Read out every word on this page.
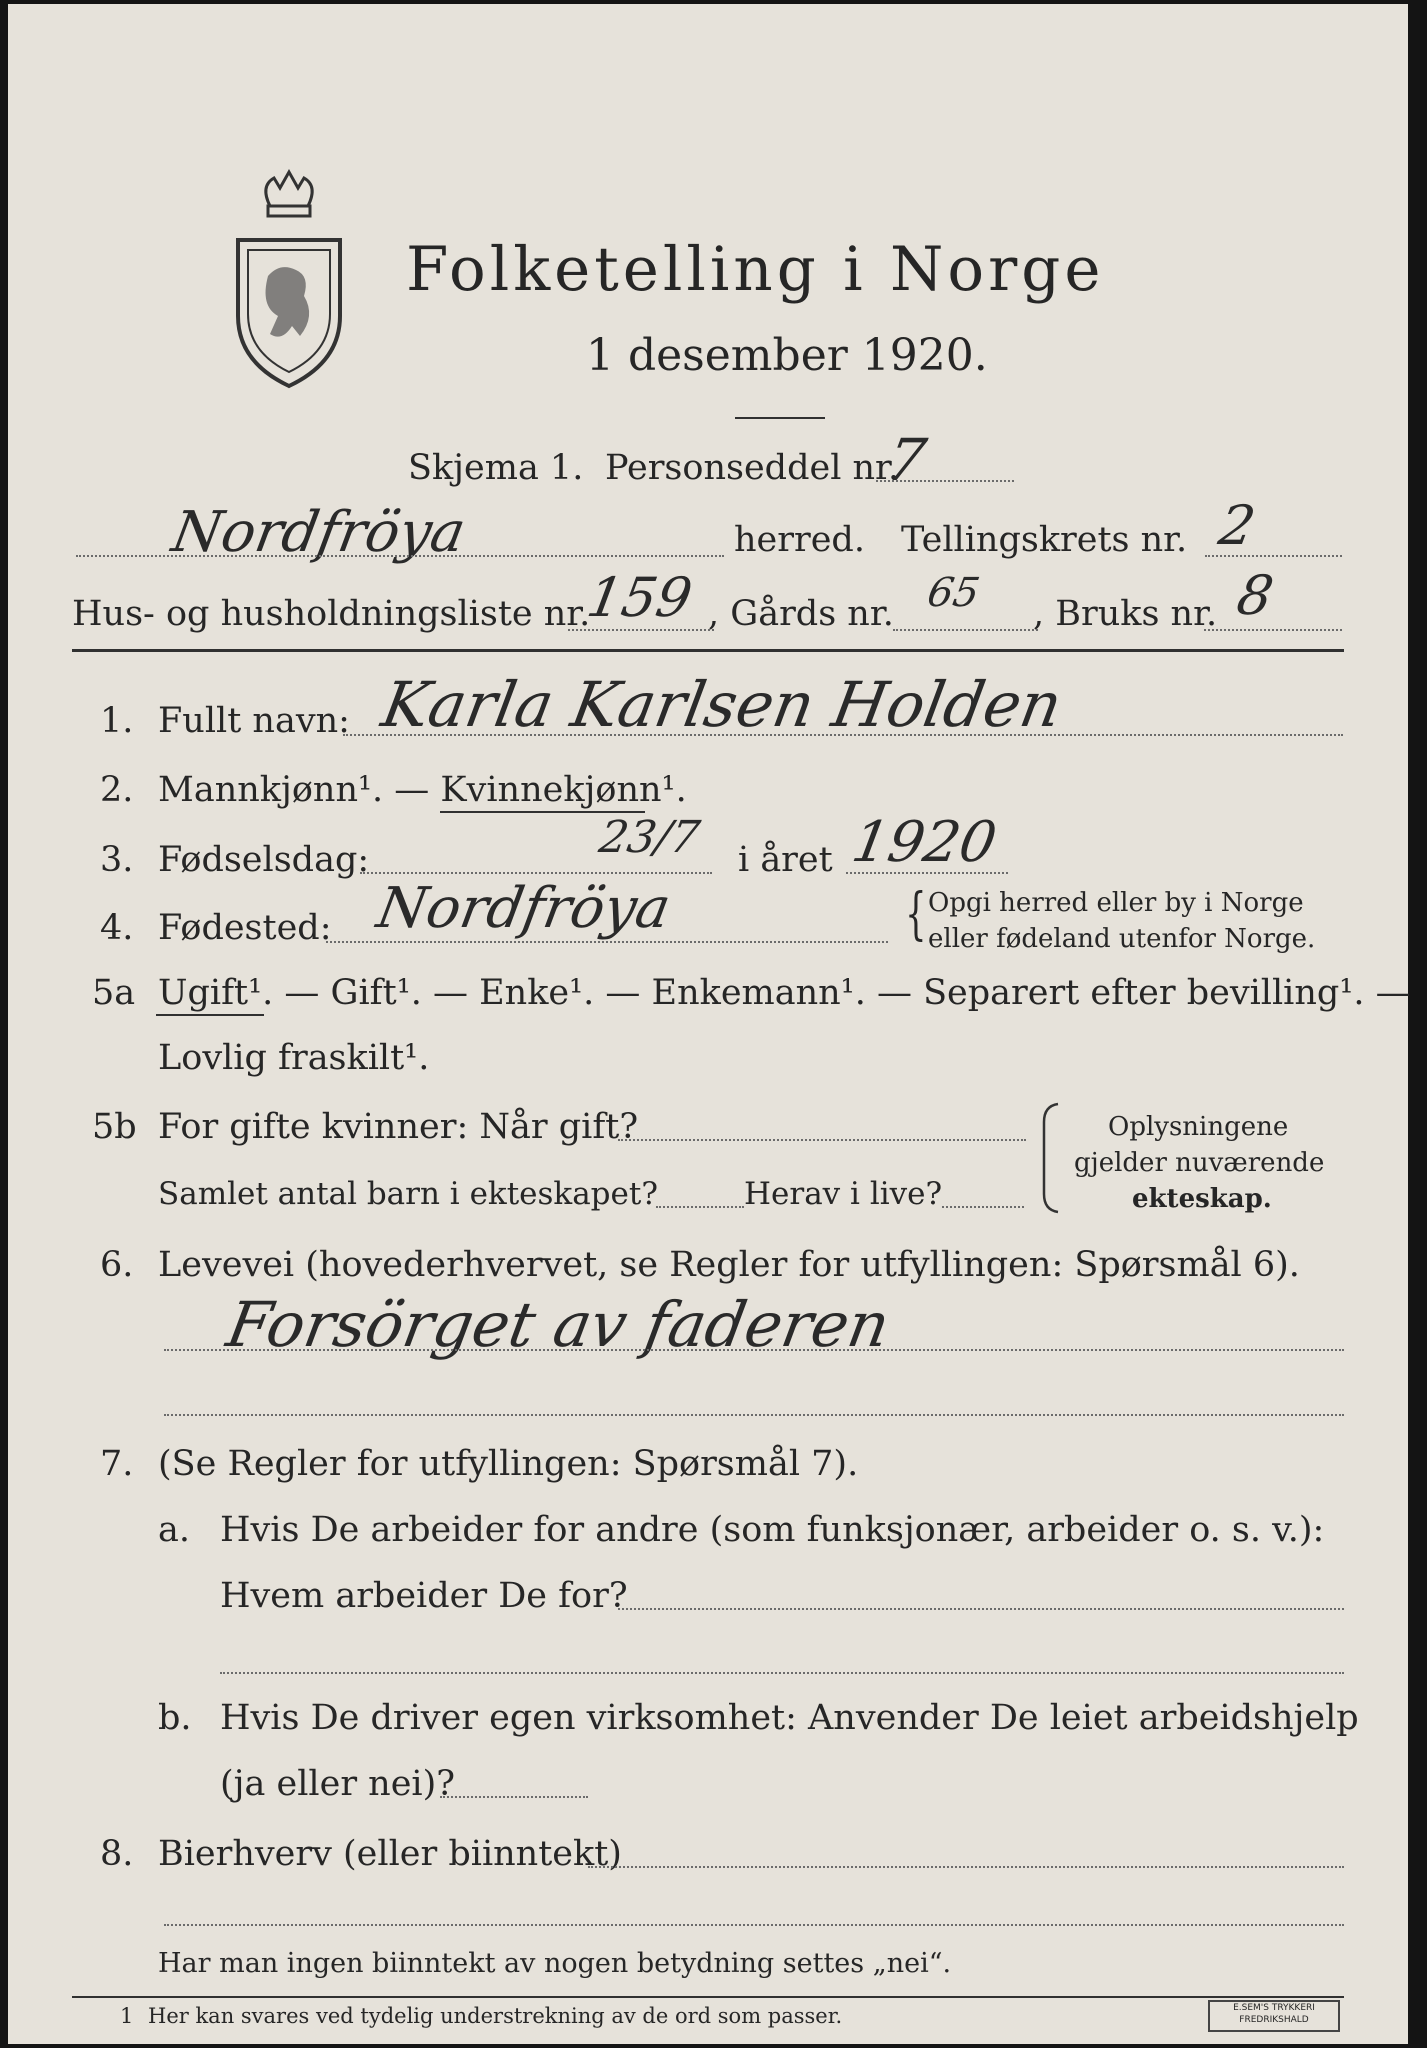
Folketelling i Norge
1 desember 1920.
Skjema 1. Personseddel nr.
7
Nordfröya	herred. Tellingskrets nr. 2
Hus- og husholdningsliste nr.
159 , Gårds nr. 65 , Bruks nr. 8
1. Fullt navn: Karla Karlsen Holden
2. Mannkjønn¹. — Kvinnekjønn¹.
3. Fødselsdag:	23/7 i året 1920
4. Fødested: Nordfröya	{ Opgi herred eller by i Norge
eller fødeland utenfor Norge.
5a Ugift¹. — Gift¹. — Enke¹. — Enkemann¹. — Separert efter bevilling¹. —
Lovlig fraskilt¹.
5b For gifte kvinner: Når gift?
Samlet antal barn i ekteskapet?	Herav i live?
Oplysningene
gjelder nuværende
ekteskap.
6. Levevei (hovederhvervet, se Regler for utfyllingen: Spørsmål 6).
Forsörget av faderen
7. (Se Regler for utfyllingen: Spørsmål 7).
a. Hvis De arbeider for andre (som funksjonær, arbeider o. s. v.):
Hvem arbeider De for?
b. Hvis De driver egen virksomhet: Anvender De leiet arbeidshjelp
(ja eller nei)?
8. Bierhverv (eller biinntekt)
Har man ingen biinntekt av nogen betydning settes „nei“.
1 Her kan svares ved tydelig understrekning av de ord som passer.	E.SEM'S TRYKKERI
FREDRIKSHALD
